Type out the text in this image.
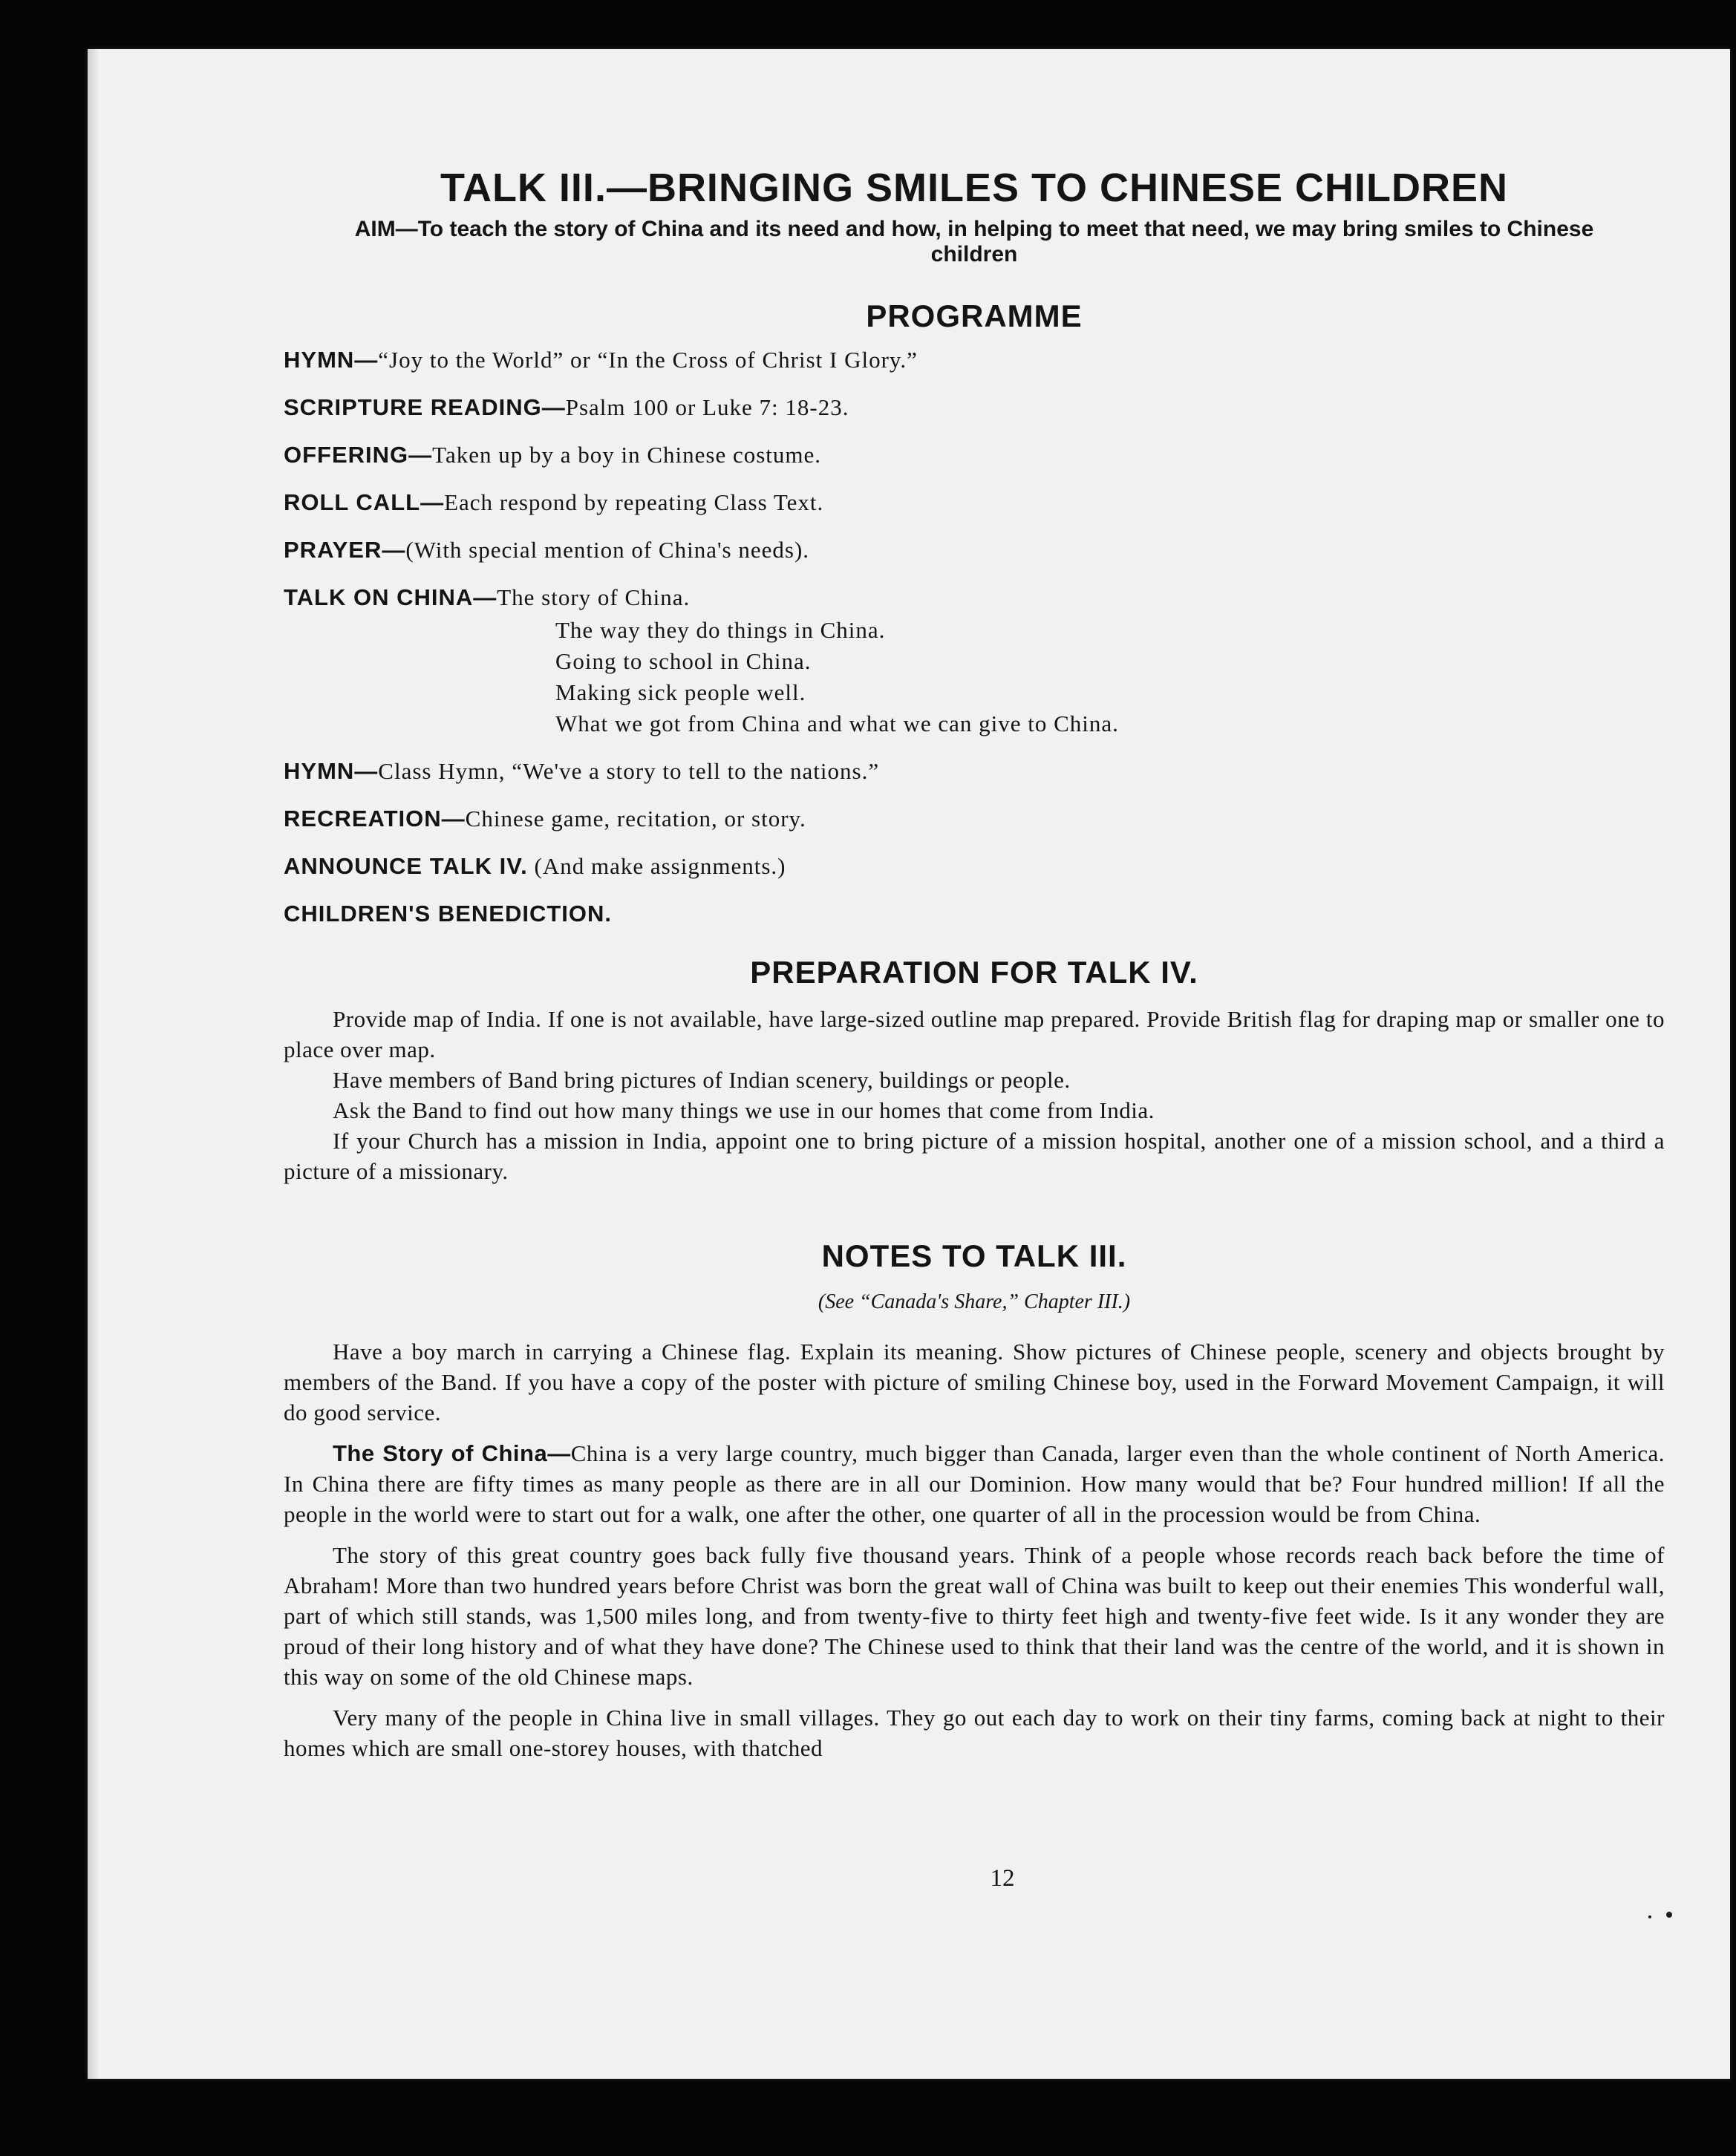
TALK III.—BRINGING SMILES TO CHINESE CHILDREN

AIM—To teach the story of China and its need and how, in helping to meet that need, we may bring smiles to Chinese children

PROGRAMME
HYMN—“Joy to the World” or “In the Cross of Christ I Glory.”
SCRIPTURE READING—Psalm 100 or Luke 7: 18-23.
OFFERING—Taken up by a boy in Chinese costume.
ROLL CALL—Each respond by repeating Class Text.
PRAYER—(With special mention of China's needs).
TALK ON CHINA—The story of China.
The way they do things in China.
Going to school in China.
Making sick people well.
What we got from China and what we can give to China.
HYMN—Class Hymn, “We've a story to tell to the nations.”
RECREATION—Chinese game, recitation, or story.
ANNOUNCE TALK IV. (And make assignments.)
CHILDREN'S BENEDICTION.
PREPARATION FOR TALK IV.

Provide map of India. If one is not available, have large-sized outline map prepared. Provide British flag for draping map or smaller one to place over map.

Have members of Band bring pictures of Indian scenery, buildings or people.

Ask the Band to find out how many things we use in our homes that come from India.

If your Church has a mission in India, appoint one to bring picture of a mission hospital, another one of a mission school, and a third a picture of a missionary.

NOTES TO TALK III.
(See “Canada's Share,” Chapter III.)

Have a boy march in carrying a Chinese flag. Explain its meaning. Show pictures of Chinese people, scenery and objects brought by members of the Band. If you have a copy of the poster with picture of smiling Chinese boy, used in the Forward Movement Campaign, it will do good service.

The Story of China—China is a very large country, much bigger than Canada, larger even than the whole continent of North America. In China there are fifty times as many people as there are in all our Dominion. How many would that be? Four hundred million! If all the people in the world were to start out for a walk, one after the other, one quarter of all in the procession would be from China.

The story of this great country goes back fully five thousand years. Think of a people whose records reach back before the time of Abraham! More than two hundred years before Christ was born the great wall of China was built to keep out their enemies This wonderful wall, part of which still stands, was 1,500 miles long, and from twenty-five to thirty feet high and twenty-five feet wide. Is it any wonder they are proud of their long history and of what they have done? The Chinese used to think that their land was the centre of the world, and it is shown in this way on some of the old Chinese maps.

Very many of the people in China live in small villages. They go out each day to work on their tiny farms, coming back at night to their homes which are small one-storey houses, with thatched

12
